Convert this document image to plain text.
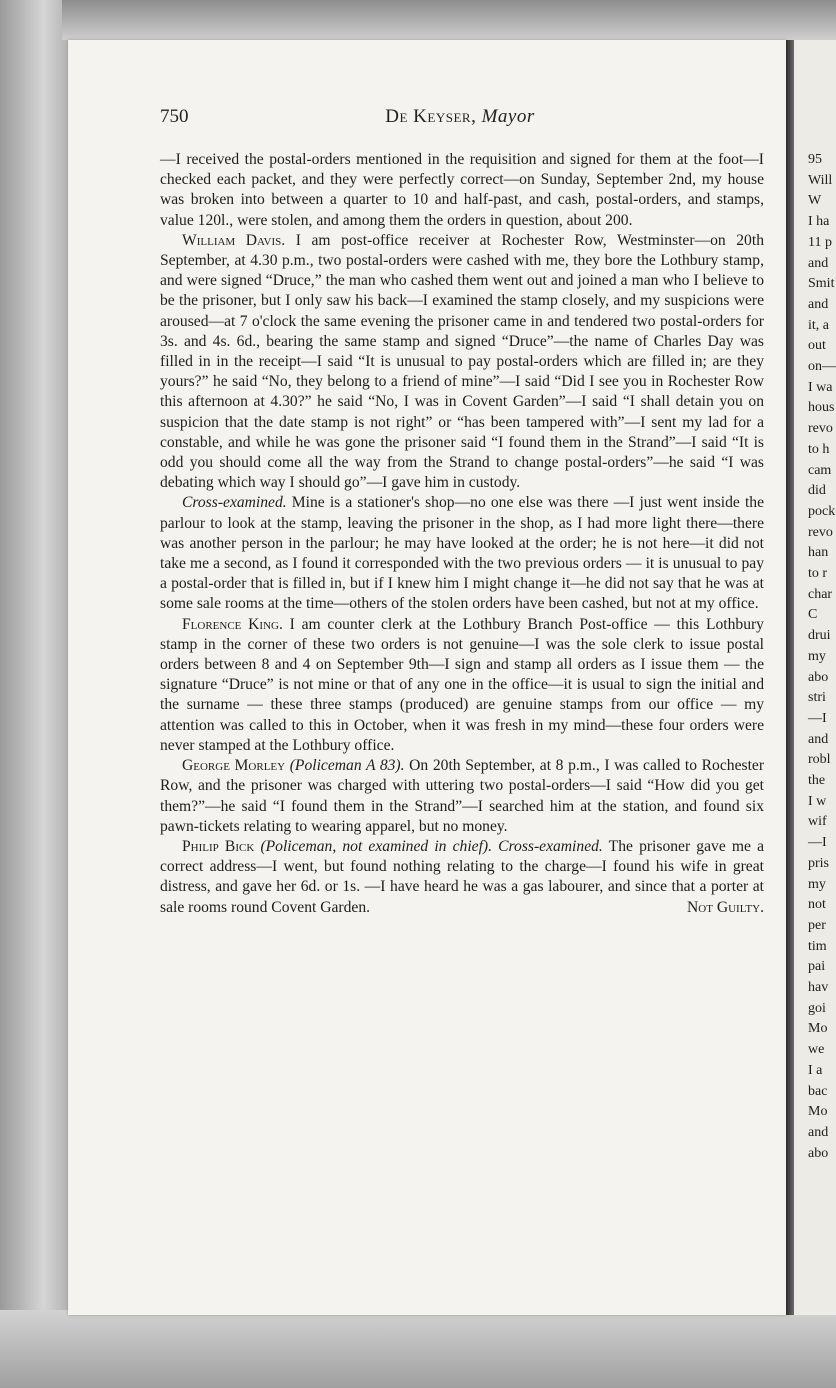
95
Will
W
I ha
11 p
and
Smit
and
it, a
out
on—
I wa
hous
revo
to h
cam
did
pock
revo
han
to r
char
C
drui
my
abo
stri
—I
and
robl
the
I w
wif
—I
pris
my
not
per
tim
pai
hav
goi
Mo
we
I a
bac
Mo
and
abo
750	De Keyser, Mayor

—I received the postal-orders mentioned in the requisition and signed for them at the foot—I checked each packet, and they were perfectly correct—on Sunday, September 2nd, my house was broken into between a quarter to 10 and half-past, and cash, postal-orders, and stamps, value 120l., were stolen, and among them the orders in question, about 200.

William Davis. I am post-office receiver at Rochester Row, Westminster—on 20th September, at 4.30 p.m., two postal-orders were cashed with me, they bore the Lothbury stamp, and were signed “Druce,” the man who cashed them went out and joined a man who I believe to be the prisoner, but I only saw his back—I examined the stamp closely, and my suspicions were aroused—at 7 o'clock the same evening the prisoner came in and tendered two postal-orders for 3s. and 4s. 6d., bearing the same stamp and signed “Druce”—the name of Charles Day was filled in in the receipt—I said “It is unusual to pay postal-orders which are filled in; are they yours?” he said “No, they belong to a friend of mine”—I said “Did I see you in Rochester Row this afternoon at 4.30?” he said “No, I was in Covent Garden”—I said “I shall detain you on suspicion that the date stamp is not right” or “has been tampered with”—I sent my lad for a constable, and while he was gone the prisoner said “I found them in the Strand”—I said “It is odd you should come all the way from the Strand to change postal-orders”—he said “I was debating which way I should go”—I gave him in custody.

Cross-examined. Mine is a stationer's shop—no one else was there —I just went inside the parlour to look at the stamp, leaving the prisoner in the shop, as I had more light there—there was another person in the parlour; he may have looked at the order; he is not here—it did not take me a second, as I found it corresponded with the two previous orders — it is unusual to pay a postal-order that is filled in, but if I knew him I might change it—he did not say that he was at some sale rooms at the time—others of the stolen orders have been cashed, but not at my office.

Florence King. I am counter clerk at the Lothbury Branch Post-office — this Lothbury stamp in the corner of these two orders is not genuine—I was the sole clerk to issue postal orders between 8 and 4 on September 9th—I sign and stamp all orders as I issue them — the signature “Druce” is not mine or that of any one in the office—it is usual to sign the initial and the surname — these three stamps (produced) are genuine stamps from our office — my attention was called to this in October, when it was fresh in my mind—these four orders were never stamped at the Lothbury office.

George Morley (Policeman A 83). On 20th September, at 8 p.m., I was called to Rochester Row, and the prisoner was charged with uttering two postal-orders—I said “How did you get them?”—he said “I found them in the Strand”—I searched him at the station, and found six pawn-tickets relating to wearing apparel, but no money.

Philip Bick (Policeman, not examined in chief). Cross-examined. The prisoner gave me a correct address—I went, but found nothing relating to the charge—I found his wife in great distress, and gave her 6d. or 1s. —I have heard he was a gas labourer, and since that a porter at sale rooms round Covent Garden.	Not Guilty.
